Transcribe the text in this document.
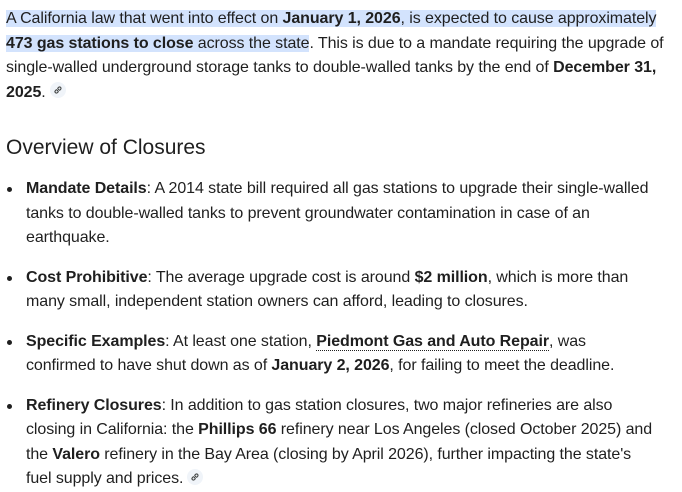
A California law that went into effect on January 1, 2026, is expected to cause approximately 473 gas stations to close across the state. This is due to a mandate requiring the upgrade of single-walled underground storage tanks to double-walled tanks by the end of December 31, 2025.
Overview of Closures
Mandate Details: A 2014 state bill required all gas stations to upgrade their single-walled tanks to double-walled tanks to prevent groundwater contamination in case of an earthquake.
Cost Prohibitive: The average upgrade cost is around $2 million, which is more than many small, independent station owners can afford, leading to closures.
Specific Examples: At least one station, Piedmont Gas and Auto Repair, was confirmed to have shut down as of January 2, 2026, for failing to meet the deadline.
Refinery Closures: In addition to gas station closures, two major refineries are also closing in California: the Phillips 66 refinery near Los Angeles (closed October 2025) and the Valero refinery in the Bay Area (closing by April 2026), further impacting the state's fuel supply and prices.
